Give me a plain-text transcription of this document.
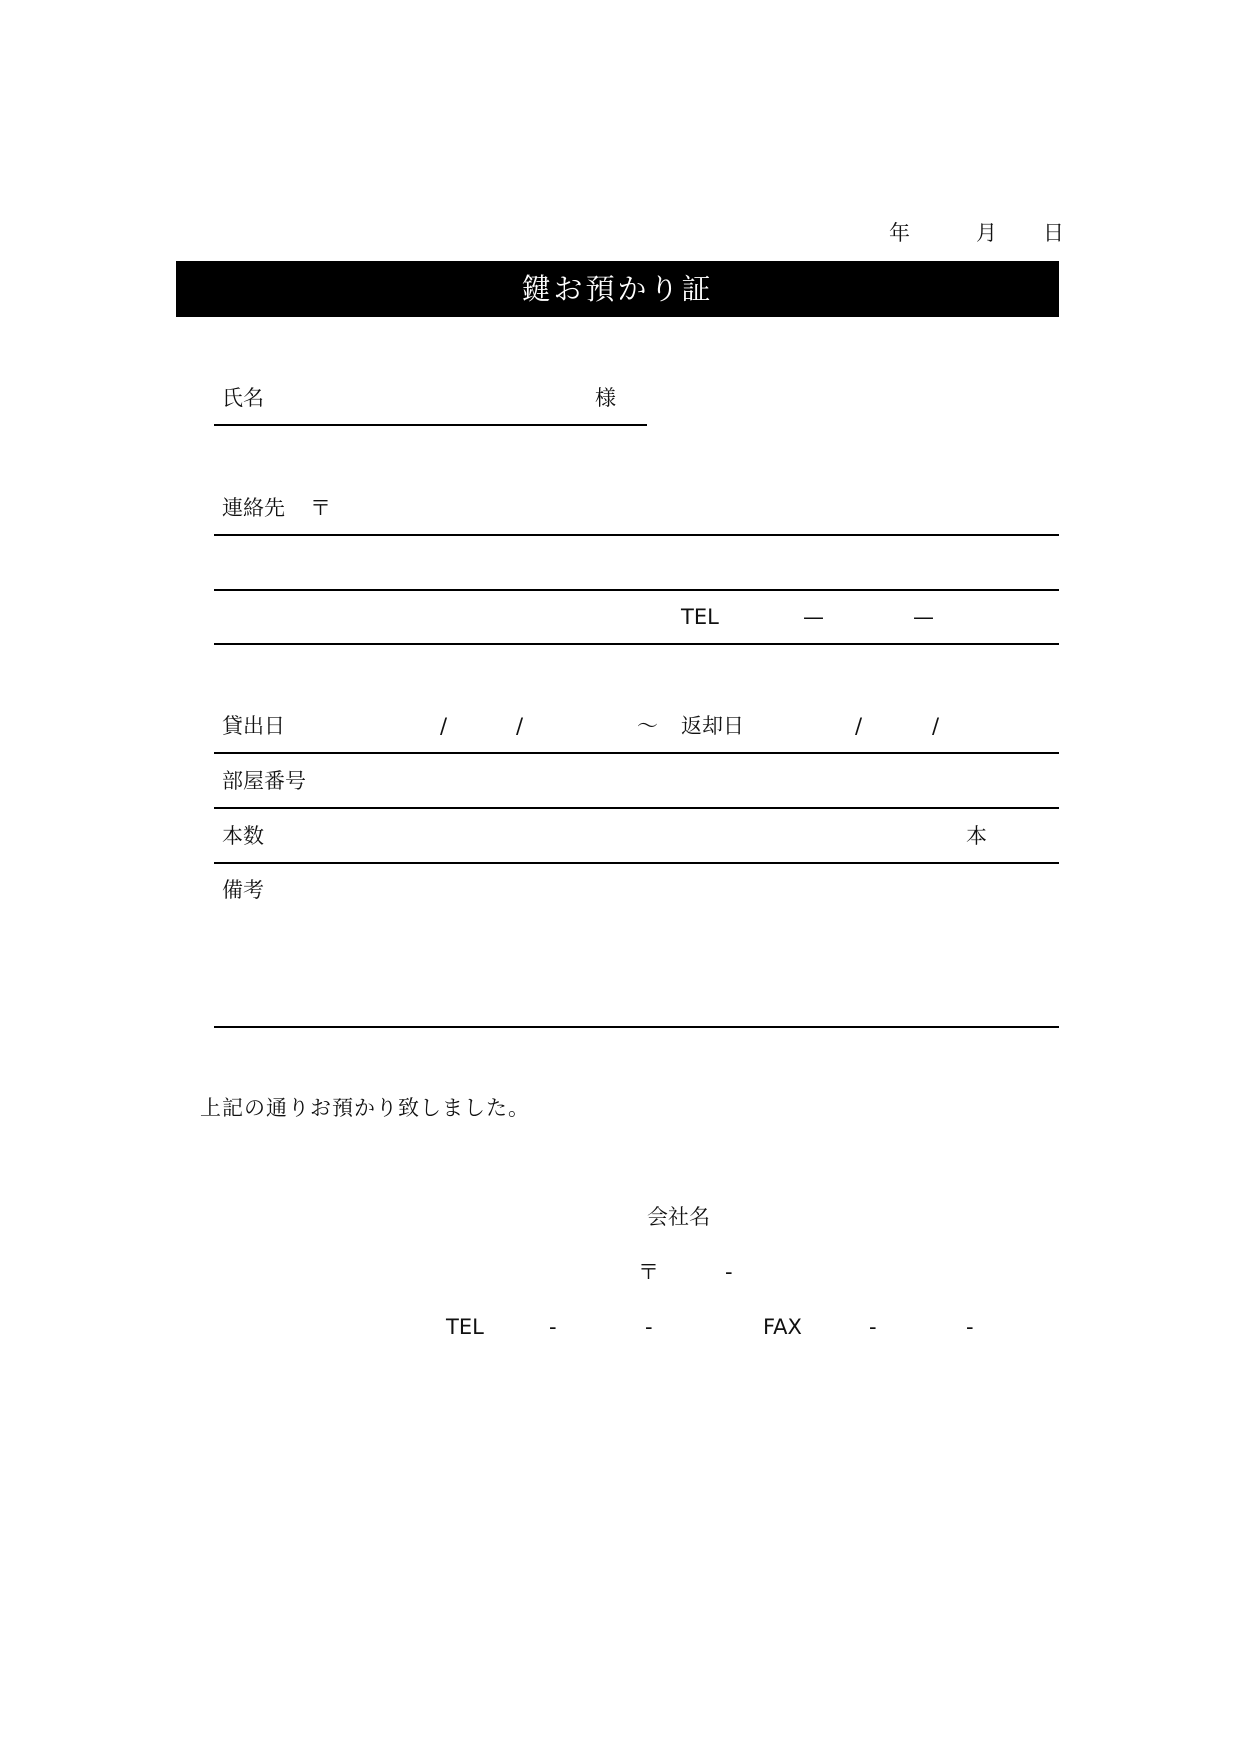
年	月 日
鍵お預かり証
氏名	様
連絡先 〒
TEL	—	—
貸出日	/	/	～ 返却日	/	/
部屋番号
本数	本
備考
上記の通りお預かり致しました。
会社名
〒	-
TEL	-	-	FAX	-	-
